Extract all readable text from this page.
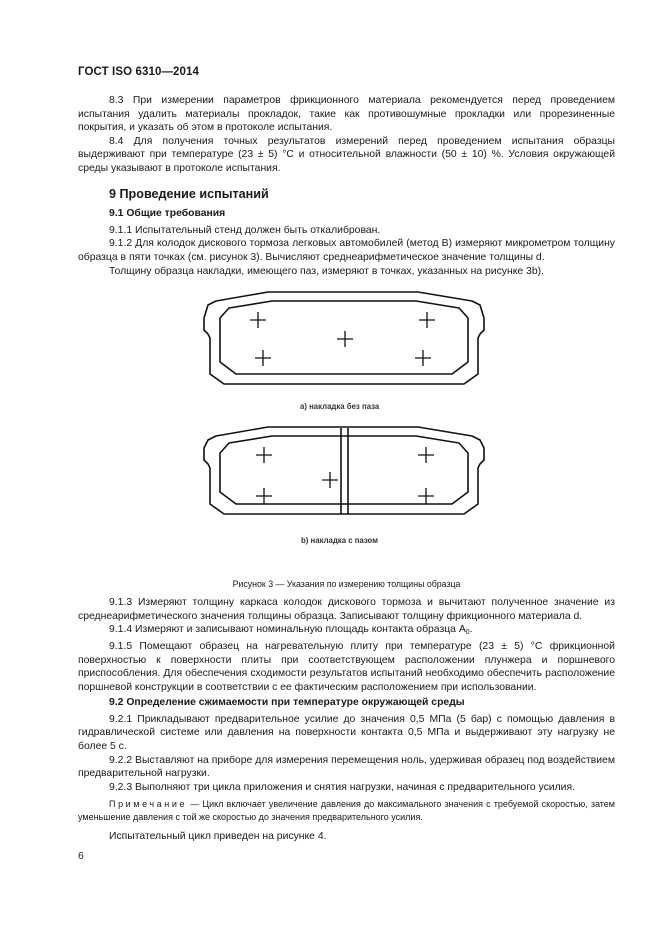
ГОСТ ISO 6310—2014

8.3 При измерении параметров фрикционного материала рекомендуется перед проведением испытания удалить материалы прокладок, такие как противошумные прокладки или прорезиненные покрытия, и указать об этом в протоколе испытания.

8.4 Для получения точных результатов измерений перед проведением испытания образцы выдерживают при температуре (23 ± 5) °С и относительной влажности (50 ± 10) %. Условия окружающей среды указывают в протоколе испытания.

9 Проведение испытаний
9.1 Общие требования

9.1.1 Испытательный стенд должен быть откалиброван.

9.1.2 Для колодок дискового тормоза легковых автомобилей (метод В) измеряют микрометром толщину образца в пяти точках (см. рисунок 3). Вычисляют среднеарифметическое значение толщины d.

Толщину образца накладки, имеющего паз, измеряют в точках, указанных на рисунке 3b).

а) накладка без паза
b) накладка с пазом
Рисунок 3 — Указания по измерению толщины образца

9.1.3 Измеряют толщину каркаса колодок дискового тормоза и вычитают полученное значение из среднеарифметического значения толщины образца. Записывают толщину фрикционного материала d.

9.1.4 Измеряют и записывают номинальную площадь контакта образца $A_0$.

9.1.5 Помещают образец на нагревательную плиту при температуре (23 ± 5) °С фрикционной поверхностью к поверхности плиты при соответствующем расположении плунжера и поршневого приспособления. Для обеспечения сходимости результатов испытаний необходимо обеспечить расположение поршневой конструкции в соответствии с ее фактическим расположением при использовании.

9.2 Определение сжимаемости при температуре окружающей среды

9.2.1 Прикладывают предварительное усилие до значения 0,5 МПа (5 бар) с помощью давления в гидравлической системе или давления на поверхности контакта 0,5 МПа и выдерживают эту нагрузку не более 5 с.

9.2.2 Выставляют на приборе для измерения перемещения ноль, удерживая образец под воздействием предварительной нагрузки.

9.2.3 Выполняют три цикла приложения и снятия нагрузки, начиная с предварительного усилия.

Примечание — Цикл включает увеличение давления до максимального значения с требуемой скоростью, затем уменьшение давления с той же скоростью до значения предварительного усилия.

Испытательный цикл приведен на рисунке 4.

6
